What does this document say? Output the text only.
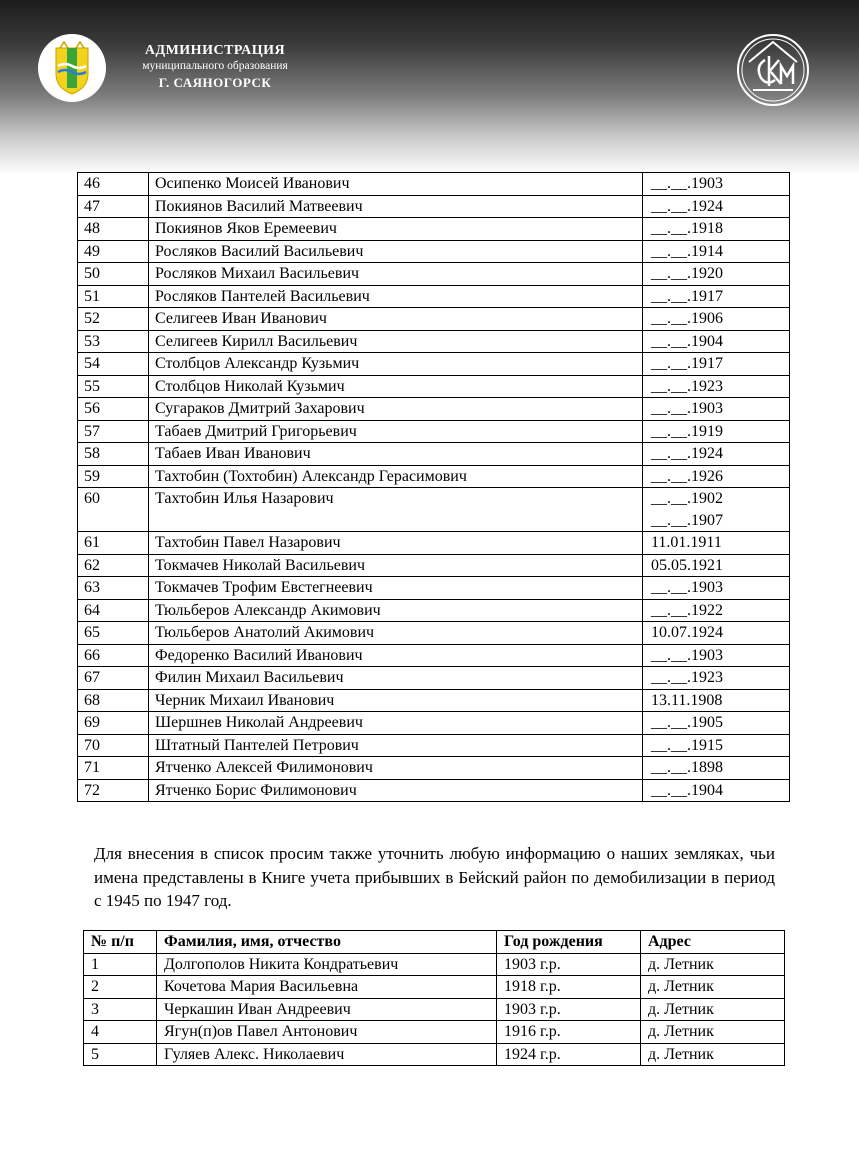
АДМИНИСТРАЦИЯ
муниципального образования
Г. САЯНОГОРСК
46	Осипенко Моисей Иванович	__.__.1903

47	Покиянов Василий Матвеевич	__.__.1924

48	Покиянов Яков Еремеевич	__.__.1918

49	Росляков Василий Васильевич	__.__.1914

50	Росляков Михаил Васильевич	__.__.1920

51	Росляков Пантелей Васильевич	__.__.1917

52	Селигеев Иван Иванович	__.__.1906

53	Селигеев Кирилл Васильевич	__.__.1904

54	Столбцов Александр Кузьмич	__.__.1917

55	Столбцов Николай Кузьмич	__.__.1923

56	Сугараков Дмитрий Захарович	__.__.1903

57	Табаев Дмитрий Григорьевич	__.__.1919

58	Табаев Иван Иванович	__.__.1924

59	Тахтобин (Тохтобин) Александр Герасимович	__.__.1926

60	Тахтобин Илья Назарович	__.__.1902
__.__.1907

61	Тахтобин Павел Назарович	11.01.1911

62	Токмачев Николай Васильевич	05.05.1921

63	Токмачев Трофим Евстегнеевич	__.__.1903

64	Тюльберов Александр Акимович	__.__.1922

65	Тюльберов Анатолий Акимович	10.07.1924

66	Федоренко Василий Иванович	__.__.1903

67	Филин Михаил Васильевич	__.__.1923

68	Черник Михаил Иванович	13.11.1908

69	Шершнев Николай Андреевич	__.__.1905

70	Штатный Пантелей Петрович	__.__.1915

71	Ятченко Алексей Филимонович	__.__.1898

72	Ятченко Борис Филимонович	__.__.1904
Для внесения в список просим также уточнить любую информацию о наших земляках, чьи имена представлены в Книге учета прибывших в Бейский район по демобилизации в период с 1945 по 1947 год.
№ п/п	Фамилия, имя, отчество	Год рождения	Адрес
1	Долгополов Никита Кондратьевич	1903 г.р.	д. Летник
2	Кочетова Мария Васильевна	1918 г.р.	д. Летник
3	Черкашин Иван Андреевич	1903 г.р.	д. Летник
4	Ягун(п)ов Павел Антонович	1916 г.р.	д. Летник
5	Гуляев Алекс. Николаевич	1924 г.р.	д. Летник
